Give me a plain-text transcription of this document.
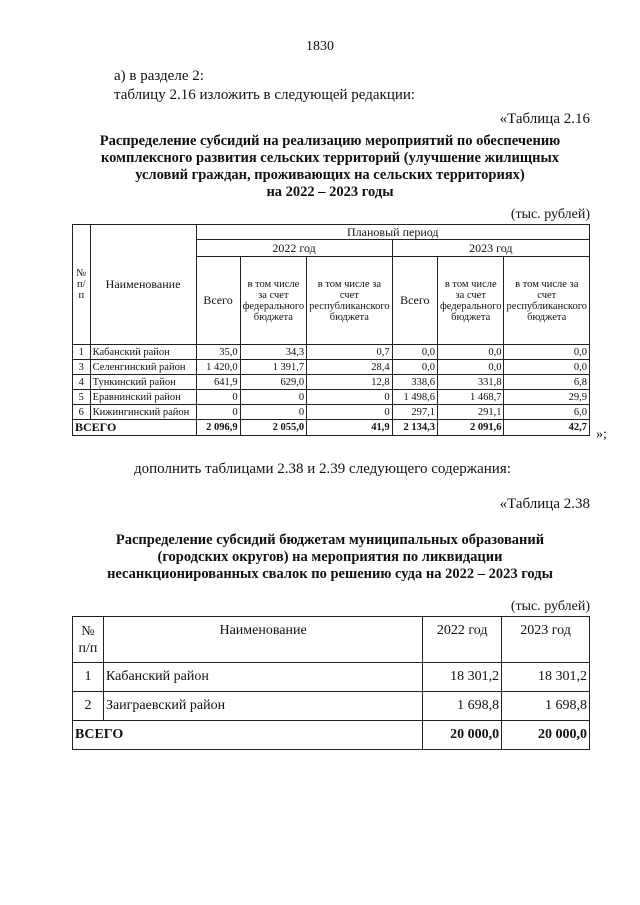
1830
а) в разделе 2:
таблицу 2.16 изложить в следующей редакции:
«Таблица 2.16
Распределение субсидий на реализацию мероприятий по обеспечению
комплексного развития сельских территорий (улучшение жилищных
условий граждан, проживающих на сельских территориях)
на 2022 – 2023 годы
(тыс. рублей)
№ п/п	Наименование	Плановый период					
		2022 год			2023 год		
		Всего	в том числе за счет федерального бюджета	в том числе за счет республиканского бюджета	Всего	в том числе за счет федерального бюджета	в том числе за счет республиканского бюджета
1	Кабанский район	35,0	34,3	0,7	0,0	0,0	0,0
3	Селенгинский район	1 420,0	1 391,7	28,4	0,0	0,0	0,0
4	Тункинский район	641,9	629,0	12,8	338,6	331,8	6,8
5	Еравнинский район	0	0	0	1 498,6	1 468,7	29,9
6	Кижингинский район	0	0	0	297,1	291,1	6,0
ВСЕГО		2 096,9	2 055,0	41,9	2 134,3	2 091,6	42,7 »;
дополнить таблицами 2.38 и 2.39 следующего содержания:
«Таблица 2.38
Распределение субсидий бюджетам муниципальных образований
(городских округов) на мероприятия по ликвидации
несанкционированных свалок по решению суда на 2022 – 2023 годы
(тыс. рублей)
№ п/п	Наименование	2022 год	2023 год
1	Кабанский район	18 301,2	18 301,2
2	Заиграевский район	1 698,8	1 698,8
ВСЕГО		20 000,0	20 000,0
